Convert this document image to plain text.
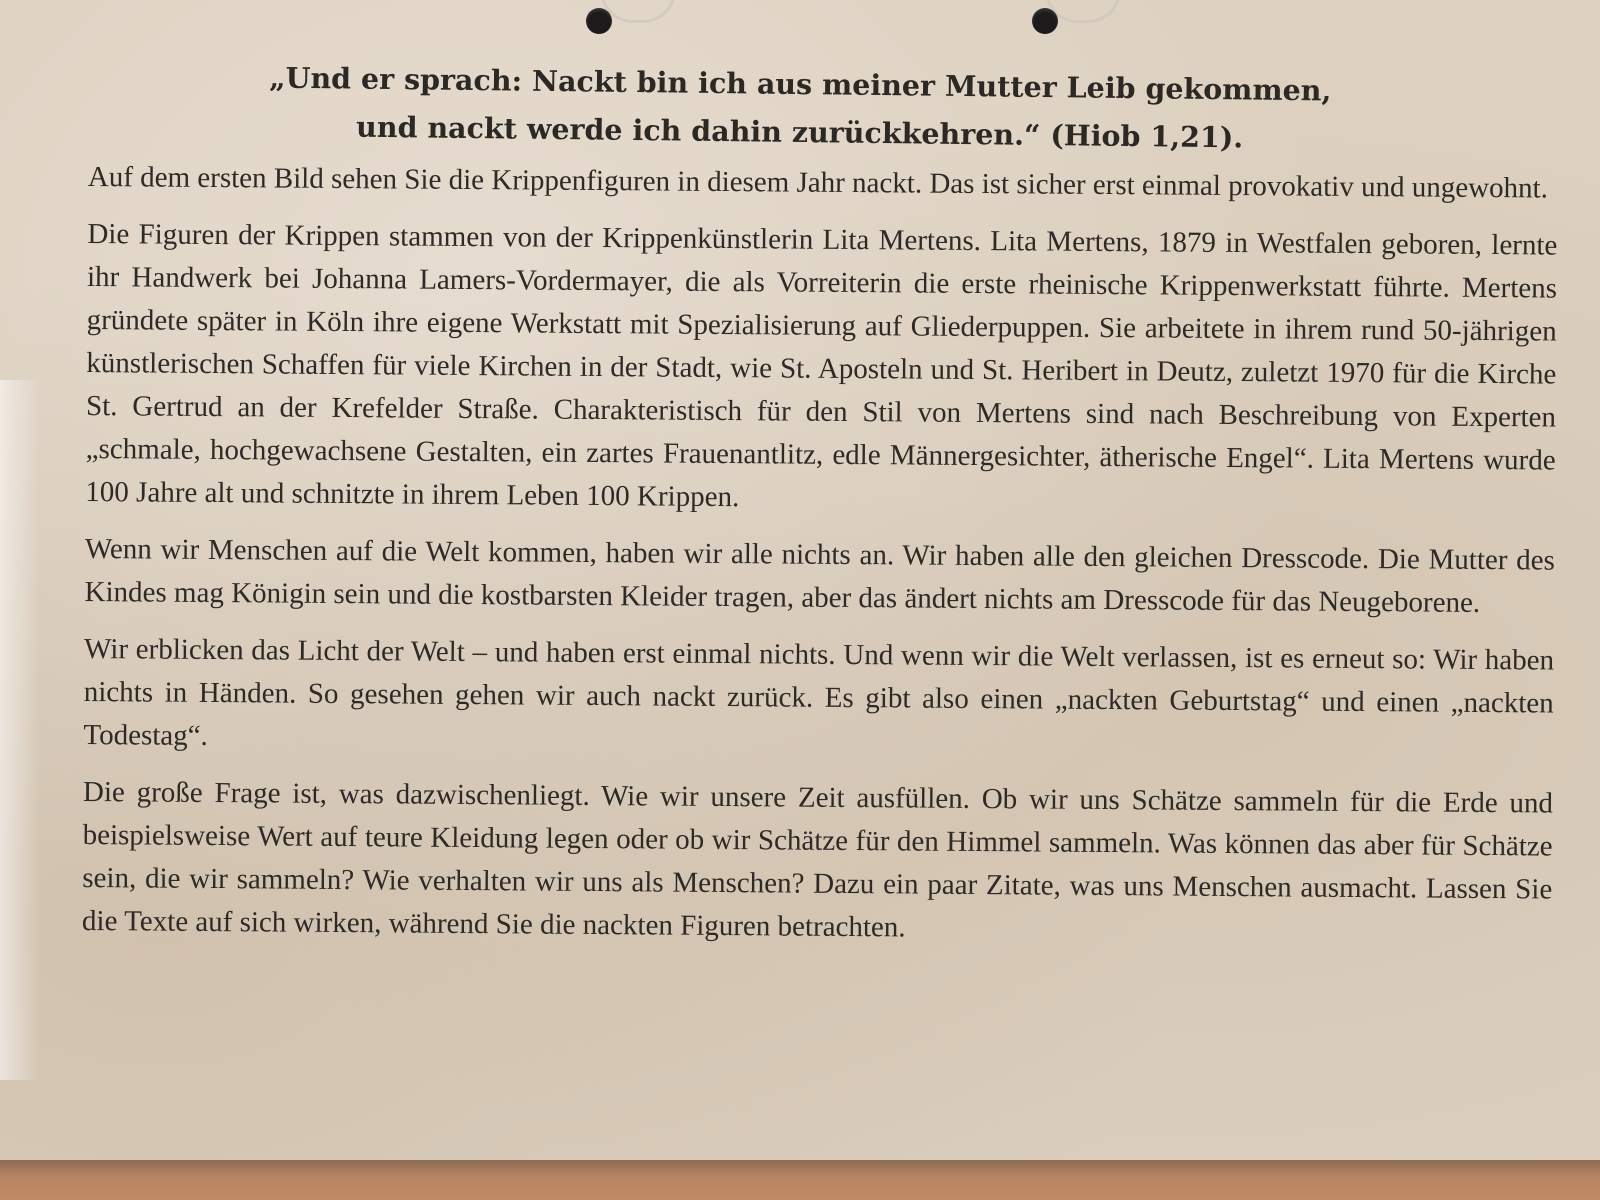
„Und er sprach: Nackt bin ich aus meiner Mutter Leib gekommen,
und nackt werde ich dahin zurückkehren.“ (Hiob 1,21).

Auf dem ersten Bild sehen Sie die Krippenfiguren in diesem Jahr nackt. Das ist sicher erst einmal provokativ und ungewohnt.

Die Figuren der Krippen stammen von der Krippenkünstlerin Lita Mertens. Lita Mertens, 1879 in Westfalen geboren, lernte ihr Handwerk bei Johanna Lamers-Vordermayer, die als Vorreiterin die erste rheinische Krippenwerkstatt führte. Mertens gründete später in Köln ihre eigene Werkstatt mit Spezialisierung auf Gliederpuppen. Sie arbeitete in ihrem rund 50-jährigen künstlerischen Schaffen für viele Kirchen in der Stadt, wie St. Aposteln und St. Heribert in Deutz, zuletzt 1970 für die Kirche St. Gertrud an der Krefelder Straße. Charakteristisch für den Stil von Mertens sind nach Beschreibung von Experten „schmale, hochgewachsene Gestalten, ein zartes Frauenantlitz, edle Männergesichter, ätherische Engel“. Lita Mertens wurde 100 Jahre alt und schnitzte in ihrem Leben 100 Krippen.

Wenn wir Menschen auf die Welt kommen, haben wir alle nichts an. Wir haben alle den gleichen Dresscode. Die Mutter des Kindes mag Königin sein und die kostbarsten Kleider tragen, aber das ändert nichts am Dresscode für das Neugeborene.

Wir erblicken das Licht der Welt – und haben erst einmal nichts. Und wenn wir die Welt verlassen, ist es erneut so: Wir haben nichts in Händen. So gesehen gehen wir auch nackt zurück. Es gibt also einen „nackten Geburtstag“ und einen „nackten Todestag“.

Die große Frage ist, was dazwischenliegt. Wie wir unsere Zeit ausfüllen. Ob wir uns Schätze sammeln für die Erde und beispielsweise Wert auf teure Kleidung legen oder ob wir Schätze für den Himmel sammeln. Was können das aber für Schätze sein, die wir sammeln? Wie verhalten wir uns als Menschen? Dazu ein paar Zitate, was uns Menschen ausmacht. Lassen Sie die Texte auf sich wirken, während Sie die nackten Figuren betrachten.
